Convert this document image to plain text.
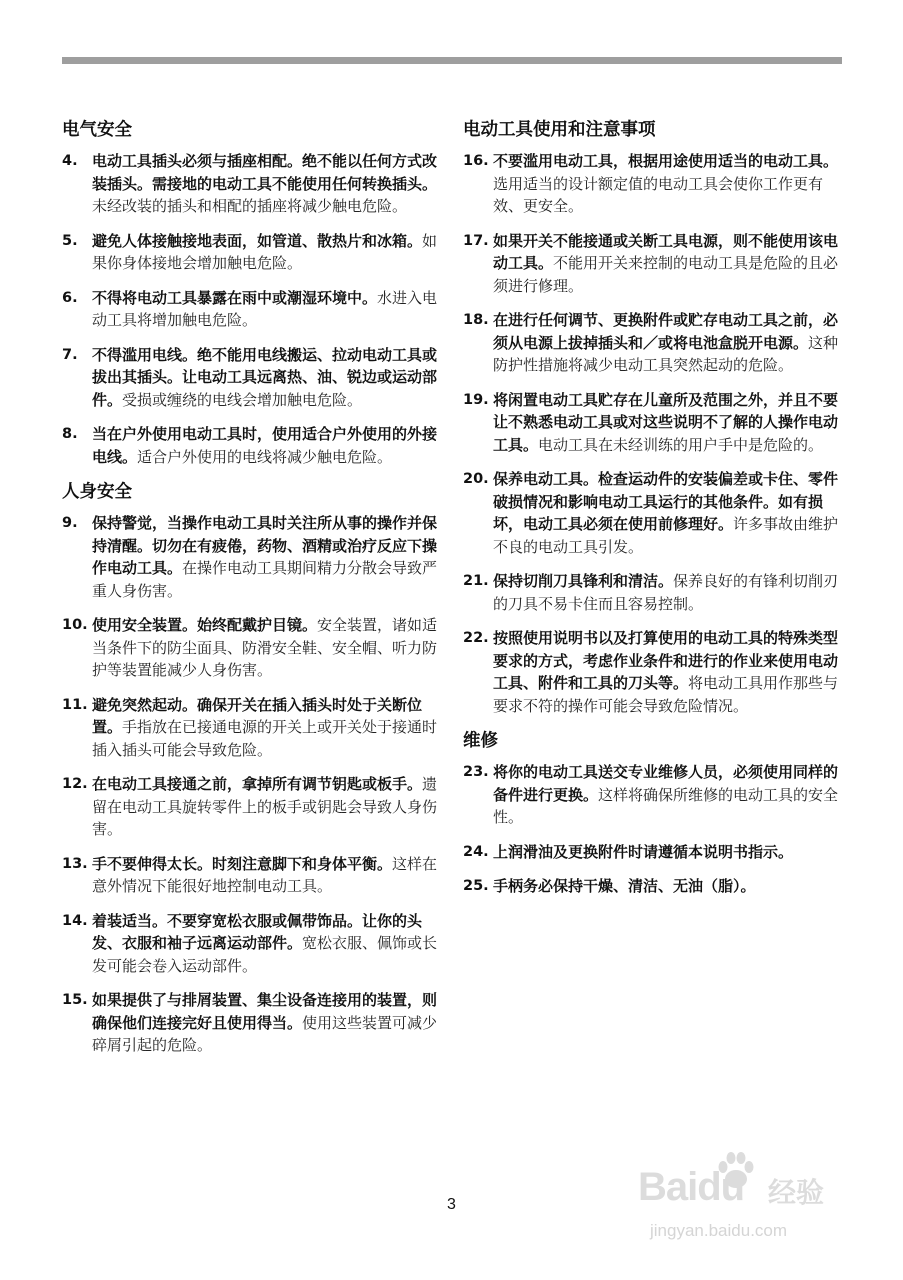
电气安全
4. 电动工具插头必须与插座相配。绝不能以任何方式改装插头。需接地的电动工具不能使用任何转换插头。未经改装的插头和相配的插座将减少触电危险。
5. 避免人体接触接地表面，如管道、散热片和冰箱。如果你身体接地会增加触电危险。
6. 不得将电动工具暴露在雨中或潮湿环境中。水进入电动工具将增加触电危险。
7. 不得滥用电线。绝不能用电线搬运、拉动电动工具或拔出其插头。让电动工具远离热、油、锐边或运动部件。受损或缠绕的电线会增加触电危险。
8. 当在户外使用电动工具时，使用适合户外使用的外接电线。适合户外使用的电线将减少触电危险。
人身安全
9. 保持警觉，当操作电动工具时关注所从事的操作并保持清醒。切勿在有疲倦，药物、酒精或治疗反应下操作电动工具。在操作电动工具期间精力分散会导致严重人身伤害。
10. 使用安全装置。始终配戴护目镜。安全装置，诸如适当条件下的防尘面具、防滑安全鞋、安全帽、听力防护等装置能减少人身伤害。
11. 避免突然起动。确保开关在插入插头时处于关断位置。手指放在已接通电源的开关上或开关处于接通时插入插头可能会导致危险。
12. 在电动工具接通之前，拿掉所有调节钥匙或板手。遗留在电动工具旋转零件上的板手或钥匙会导致人身伤害。
13. 手不要伸得太长。时刻注意脚下和身体平衡。这样在意外情况下能很好地控制电动工具。
14. 着装适当。不要穿宽松衣服或佩带饰品。让你的头发、衣服和袖子远离运动部件。宽松衣服、佩饰或长发可能会卷入运动部件。
15. 如果提供了与排屑装置、集尘设备连接用的装置，则确保他们连接完好且使用得当。使用这些装置可减少碎屑引起的危险。
电动工具使用和注意事项
16. 不要滥用电动工具，根据用途使用适当的电动工具。选用适当的设计额定值的电动工具会使你工作更有效、更安全。
17. 如果开关不能接通或关断工具电源，则不能使用该电动工具。不能用开关来控制的电动工具是危险的且必须进行修理。
18. 在进行任何调节、更换附件或贮存电动工具之前，必须从电源上拔掉插头和／或将电池盒脱开电源。这种防护性措施将减少电动工具突然起动的危险。
19. 将闲置电动工具贮存在儿童所及范围之外，并且不要让不熟悉电动工具或对这些说明不了解的人操作电动工具。电动工具在未经训练的用户手中是危险的。
20. 保养电动工具。检查运动件的安装偏差或卡住、零件破损情况和影响电动工具运行的其他条件。如有损坏，电动工具必须在使用前修理好。许多事故由维护不良的电动工具引发。
21. 保持切削刀具锋利和清洁。保养良好的有锋利切削刃的刀具不易卡住而且容易控制。
22. 按照使用说明书以及打算使用的电动工具的特殊类型要求的方式，考虑作业条件和进行的作业来使用电动工具、附件和工具的刀头等。将电动工具用作那些与要求不符的操作可能会导致危险情况。
维修
23. 将你的电动工具送交专业维修人员，必须使用同样的备件进行更换。这样将确保所维修的电动工具的安全性。
24. 上润滑油及更换附件时请遵循本说明书指示。
25. 手柄务必保持干燥、清洁、无油（脂）。
3	Baidu 经验
jingyan.baidu.com
